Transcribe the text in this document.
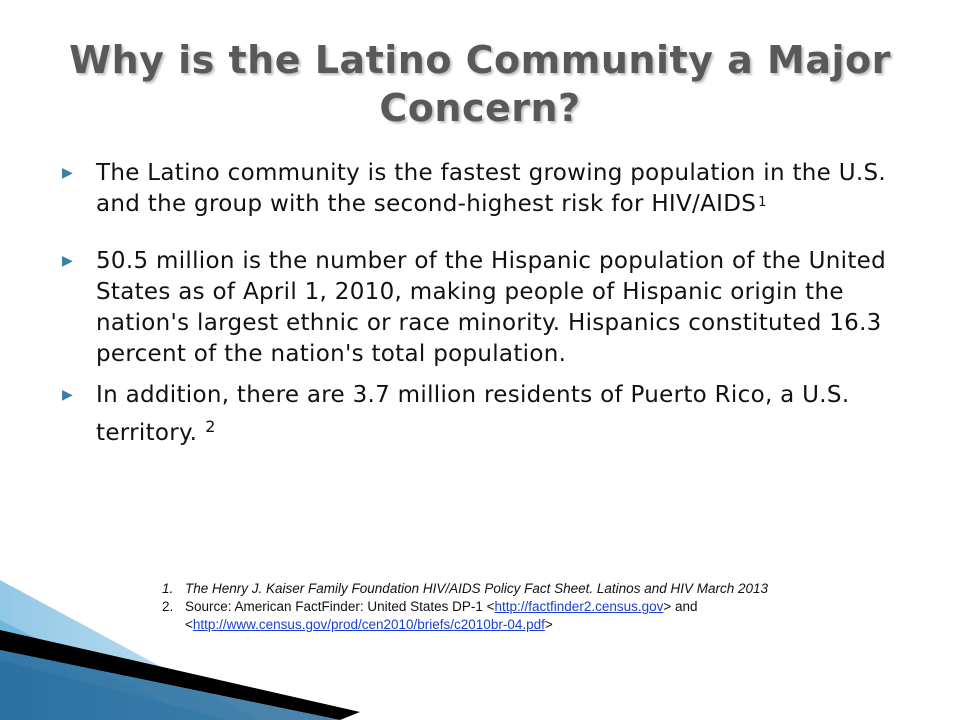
Why is the Latino Community a Major Concern?
▶ The Latino community is the fastest growing population in the U.S. and the group with the second-highest risk for HIV/AIDS $^1$
▶ 50.5 million is the number of the Hispanic population of the United States as of April 1, 2010, making people of Hispanic origin the nation's largest ethnic or race minority. Hispanics constituted 16.3 percent of the nation's total population.
▶ In addition, there are 3.7 million residents of Puerto Rico, a U.S. territory. $^2$
1. The Henry J. Kaiser Family Foundation HIV/AIDS Policy Fact Sheet. Latinos and HIV March 2013
2. Source: American FactFinder: United States DP-1 <http://factfinder2.census.gov> and <http://www.census.gov/prod/cen2010/briefs/c2010br-04.pdf>
